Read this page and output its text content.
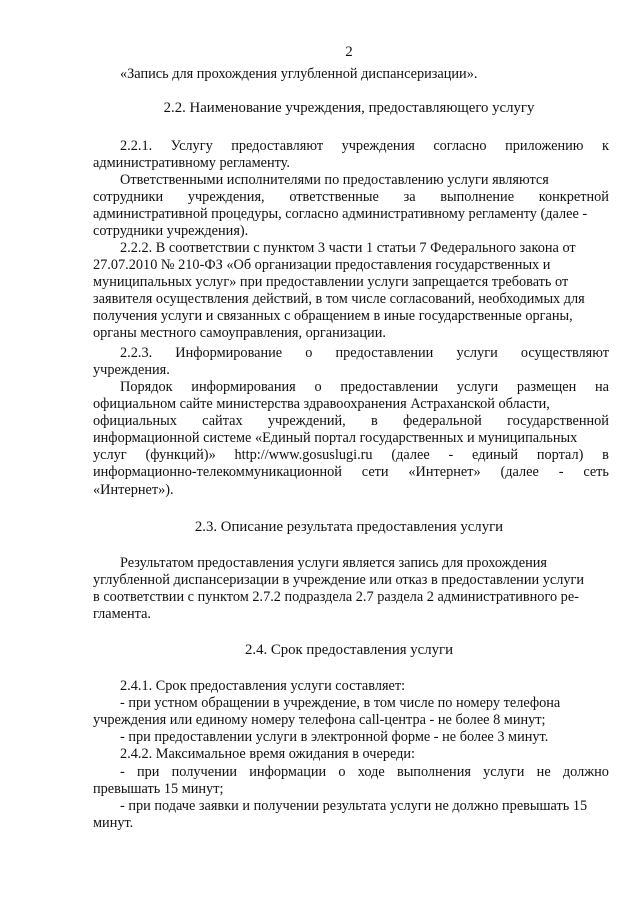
2
«Запись для прохождения углубленной диспансеризации».
2.2. Наименование учреждения, предоставляющего услугу
2.2.1. Услугу предоставляют учреждения согласно приложению к
административному регламенту.
Ответственными исполнителями по предоставлению услуги являются
сотрудники учреждения, ответственные за выполнение конкретной
административной процедуры, согласно административному регламенту (далее -
сотрудники учреждения).
2.2.2. В соответствии с пунктом 3 части 1 статьи 7 Федерального закона от
27.07.2010 № 210-ФЗ «Об организации предоставления государственных и
муниципальных услуг» при предоставлении услуги запрещается требовать от
заявителя осуществления действий, в том числе согласований, необходимых для
получения услуги и связанных с обращением в иные государственные органы,
органы местного самоуправления, организации.
2.2.3. Информирование о предоставлении услуги осуществляют
учреждения.
Порядок информирования о предоставлении услуги размещен на
официальном сайте министерства здравоохранения Астраханской области,
официальных сайтах учреждений, в федеральной государственной
информационной системе «Единый портал государственных и муниципальных
услуг (функций)» http://www.gosuslugi.ru (далее - единый портал) в
информационно-телекоммуникационной сети «Интернет» (далее - сеть
«Интернет»).
2.3. Описание результата предоставления услуги
Результатом предоставления услуги является запись для прохождения
углубленной диспансеризации в учреждение или отказ в предоставлении услуги
в соответствии с пунктом 2.7.2 подраздела 2.7 раздела 2 административного ре-
гламента.
2.4. Срок предоставления услуги
2.4.1. Срок предоставления услуги составляет:
- при устном обращении в учреждение, в том числе по номеру телефона
учреждения или единому номеру телефона call-центра - не более 8 минут;
- при предоставлении услуги в электронной форме - не более 3 минут.
2.4.2. Максимальное время ожидания в очереди:
- при получении информации о ходе выполнения услуги не должно
превышать 15 минут;
- при подаче заявки и получении результата услуги не должно превышать 15
минут.
